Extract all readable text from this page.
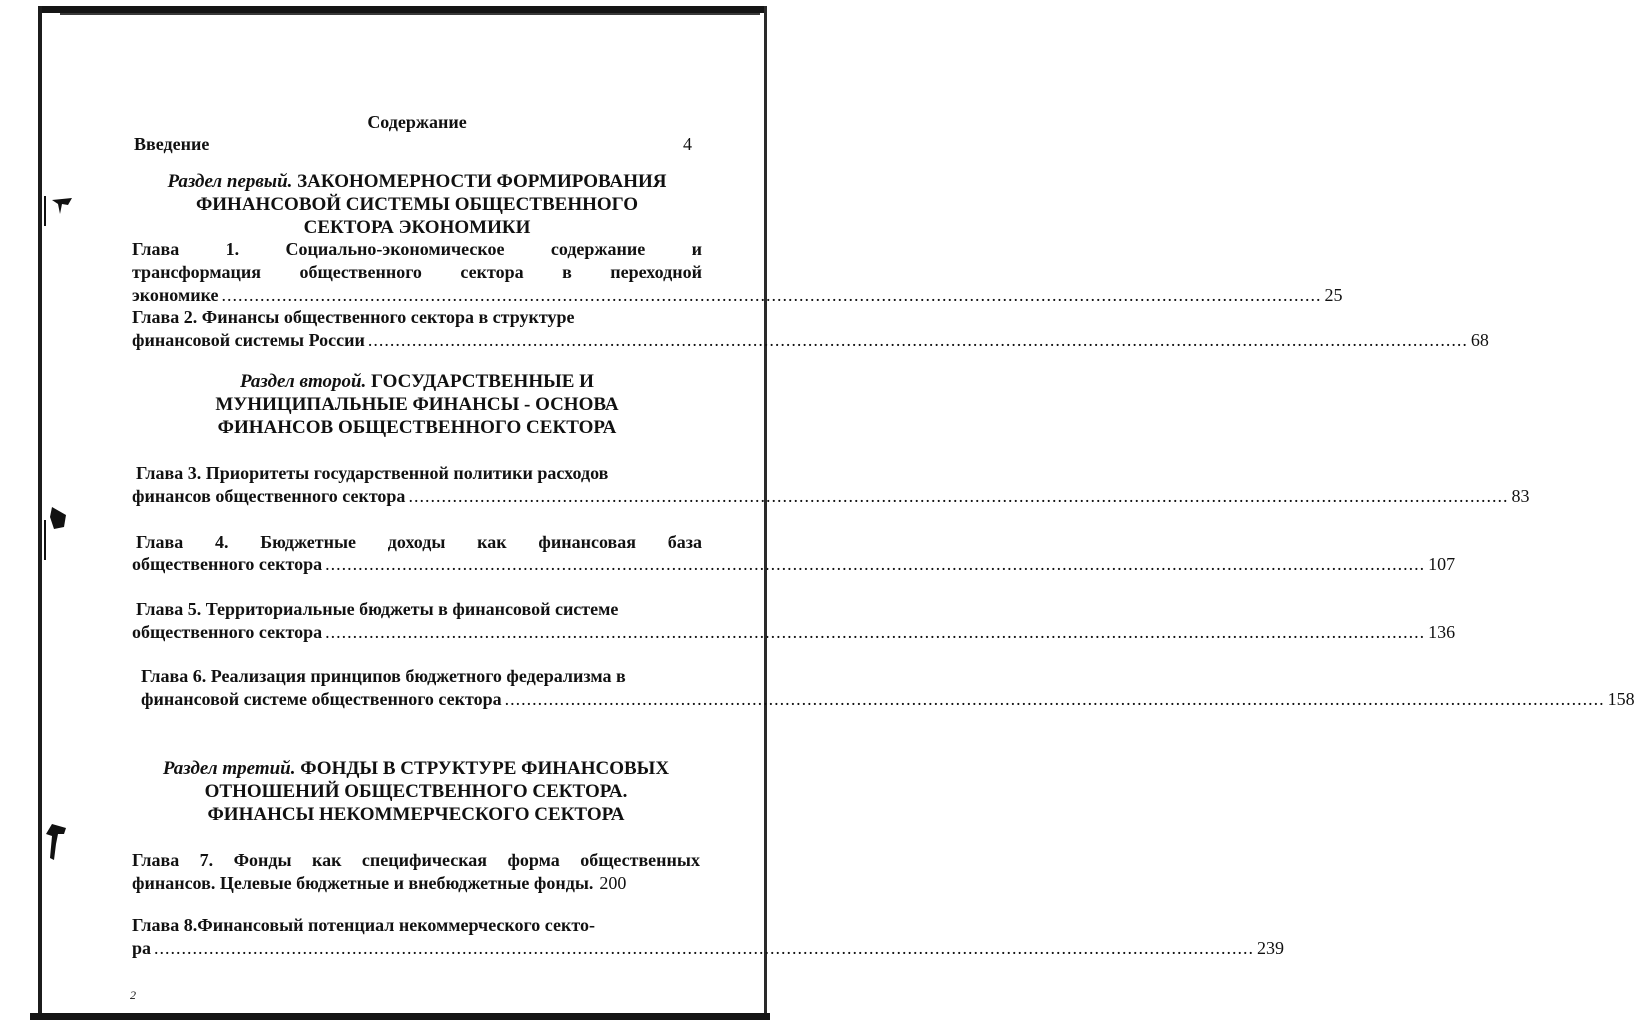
Содержание
Введение	4
Раздел первый. ЗАКОНОМЕРНОСТИ ФОРМИРОВАНИЯ
ФИНАНСОВОЙ СИСТЕМЫ ОБЩЕСТВЕННОГО
СЕКТОРА ЭКОНОМИКИ
Глава	1.	Социально-экономическое	содержание	и
трансформация общественного сектора в переходной
экономике ........................................................................................................................................................................................................ 25
Глава 2. Финансы общественного сектора в структуре
финансовой системы России ........................................................................................................................................................................................................ 68
Раздел второй. ГОСУДАРСТВЕННЫЕ И
МУНИЦИПАЛЬНЫЕ ФИНАНСЫ - ОСНОВА
ФИНАНСОВ ОБЩЕСТВЕННОГО СЕКТОРА
Глава 3. Приоритеты государственной политики расходов
финансов общественного сектора ........................................................................................................................................................................................................ 83
Глава 4. Бюджетные доходы как финансовая база
общественного сектора ........................................................................................................................................................................................................ 107
Глава 5. Территориальные бюджеты в финансовой системе
общественного сектора ........................................................................................................................................................................................................ 136
Глава 6. Реализация принципов бюджетного федерализма в
финансовой системе общественного сектора ........................................................................................................................................................................................................ 158
Раздел третий. ФОНДЫ В СТРУКТУРЕ ФИНАНСОВЫХ
ОТНОШЕНИЙ ОБЩЕСТВЕННОГО СЕКТОРА.
ФИНАНСЫ НЕКОММЕРЧЕСКОГО СЕКТОРА
Глава 7. Фонды как специфическая форма общественных
финансов. Целевые бюджетные и внебюджетные фонды. 200
Глава 8.Финансовый потенциал некоммерческого секто-
ра ........................................................................................................................................................................................................ 239
2
